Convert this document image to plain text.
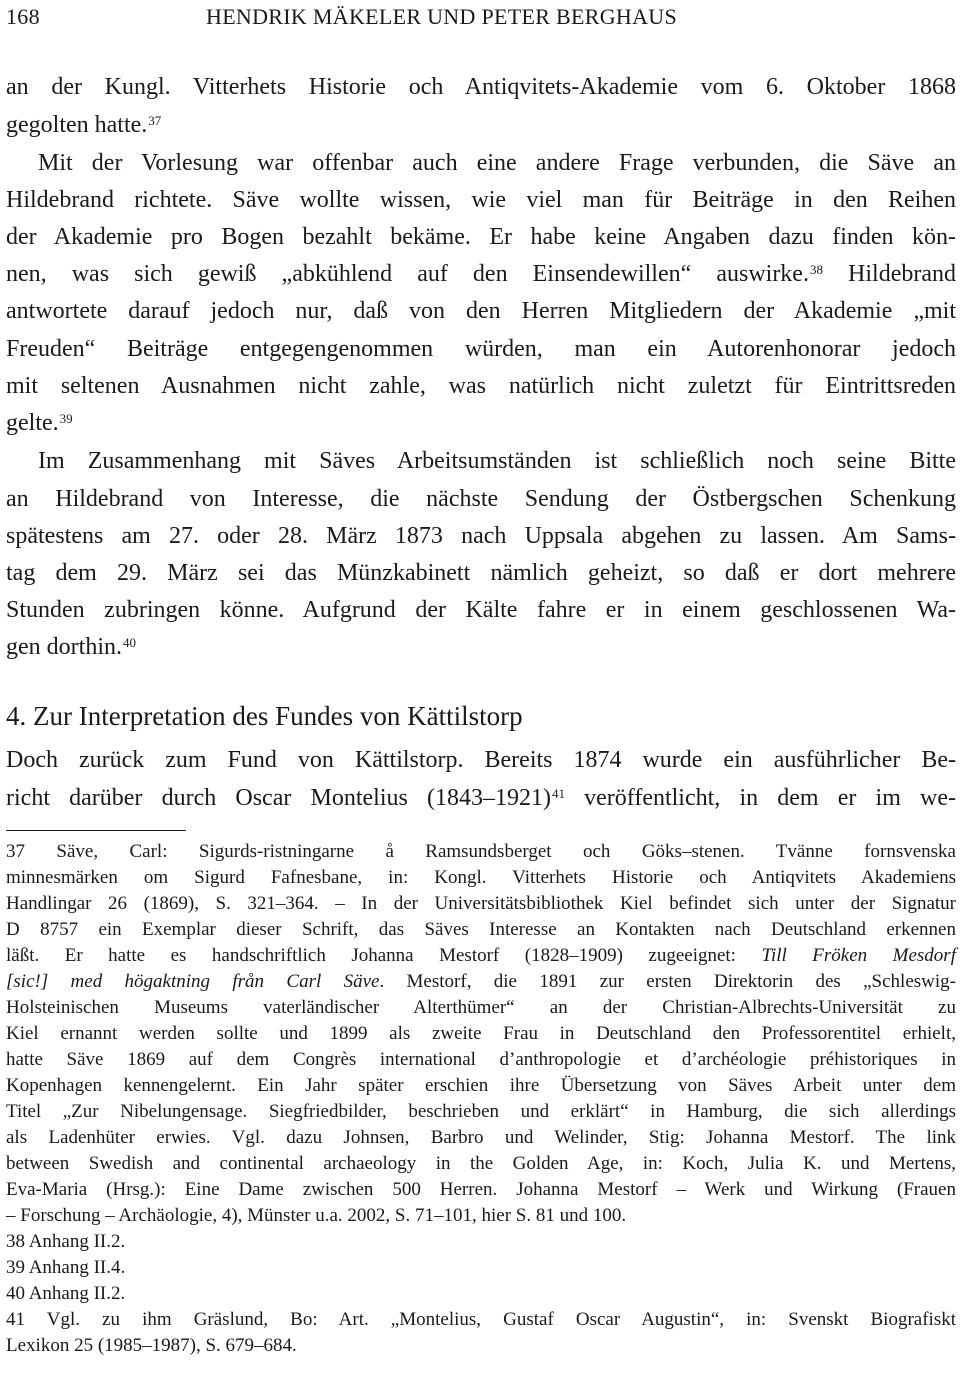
168	HENDRIK MÄKELER UND PETER BERGHAUS
an der Kungl. Vitterhets Historie och Antiqvitets-Akademie vom 6. Oktober 1868
gegolten hatte.$^{37}$
Mit der Vorlesung war offenbar auch eine andere Frage verbunden, die Säve an
Hildebrand richtete. Säve wollte wissen, wie viel man für Beiträge in den Reihen
der Akademie pro Bogen bezahlt bekäme. Er habe keine Angaben dazu finden kön-
nen, was sich gewiß „abkühlend auf den Einsendewillen“ auswirke.$^{38}$ Hildebrand
antwortete darauf jedoch nur, daß von den Herren Mitgliedern der Akademie „mit
Freuden“ Beiträge entgegengenommen würden, man ein Autorenhonorar jedoch
mit seltenen Ausnahmen nicht zahle, was natürlich nicht zuletzt für Eintrittsreden
gelte.$^{39}$
Im Zusammenhang mit Säves Arbeitsumständen ist schließlich noch seine Bitte
an Hildebrand von Interesse, die nächste Sendung der Östbergschen Schenkung
spätestens am 27. oder 28. März 1873 nach Uppsala abgehen zu lassen. Am Sams-
tag dem 29. März sei das Münzkabinett nämlich geheizt, so daß er dort mehrere
Stunden zubringen könne. Aufgrund der Kälte fahre er in einem geschlossenen Wa-
gen dorthin.$^{40}$
4. Zur Interpretation des Fundes von Kättilstorp
Doch zurück zum Fund von Kättilstorp. Bereits 1874 wurde ein ausführlicher Be-
richt darüber durch Oscar Montelius (1843–1921)$^{41}$ veröffentlicht, in dem er im we-
37 Säve, Carl: Sigurds-ristningarne å Ramsundsberget och Göks–stenen. Tvänne fornsvenska
minnesmärken om Sigurd Fafnesbane, in: Kongl. Vitterhets Historie och Antiqvitets Akademiens
Handlingar 26 (1869), S. 321–364. – In der Universitätsbibliothek Kiel befindet sich unter der Signatur
D 8757 ein Exemplar dieser Schrift, das Säves Interesse an Kontakten nach Deutschland erkennen
läßt. Er hatte es handschriftlich Johanna Mestorf (1828–1909) zugeeignet: Till Fröken Mesdorf
[sic!] med högaktning från Carl Säve. Mestorf, die 1891 zur ersten Direktorin des „Schleswig-
Holsteinischen Museums vaterländischer Alterthümer“ an der Christian-Albrechts-Universität zu
Kiel ernannt werden sollte und 1899 als zweite Frau in Deutschland den Professorentitel erhielt,
hatte Säve 1869 auf dem Congrès international d’anthropologie et d’archéologie préhistoriques in
Kopenhagen kennengelernt. Ein Jahr später erschien ihre Übersetzung von Säves Arbeit unter dem
Titel „Zur Nibelungensage. Siegfriedbilder, beschrieben und erklärt“ in Hamburg, die sich allerdings
als Ladenhüter erwies. Vgl. dazu Johnsen, Barbro und Welinder, Stig: Johanna Mestorf. The link
between Swedish and continental archaeology in the Golden Age, in: Koch, Julia K. und Mertens,
Eva-Maria (Hrsg.): Eine Dame zwischen 500 Herren. Johanna Mestorf – Werk und Wirkung (Frauen
– Forschung – Archäologie, 4), Münster u.a. 2002, S. 71–101, hier S. 81 und 100.
38 Anhang II.2.
39 Anhang II.4.
40 Anhang II.2.
41 Vgl. zu ihm Gräslund, Bo: Art. „Montelius, Gustaf Oscar Augustin“, in: Svenskt Biografiskt
Lexikon 25 (1985–1987), S. 679–684.
